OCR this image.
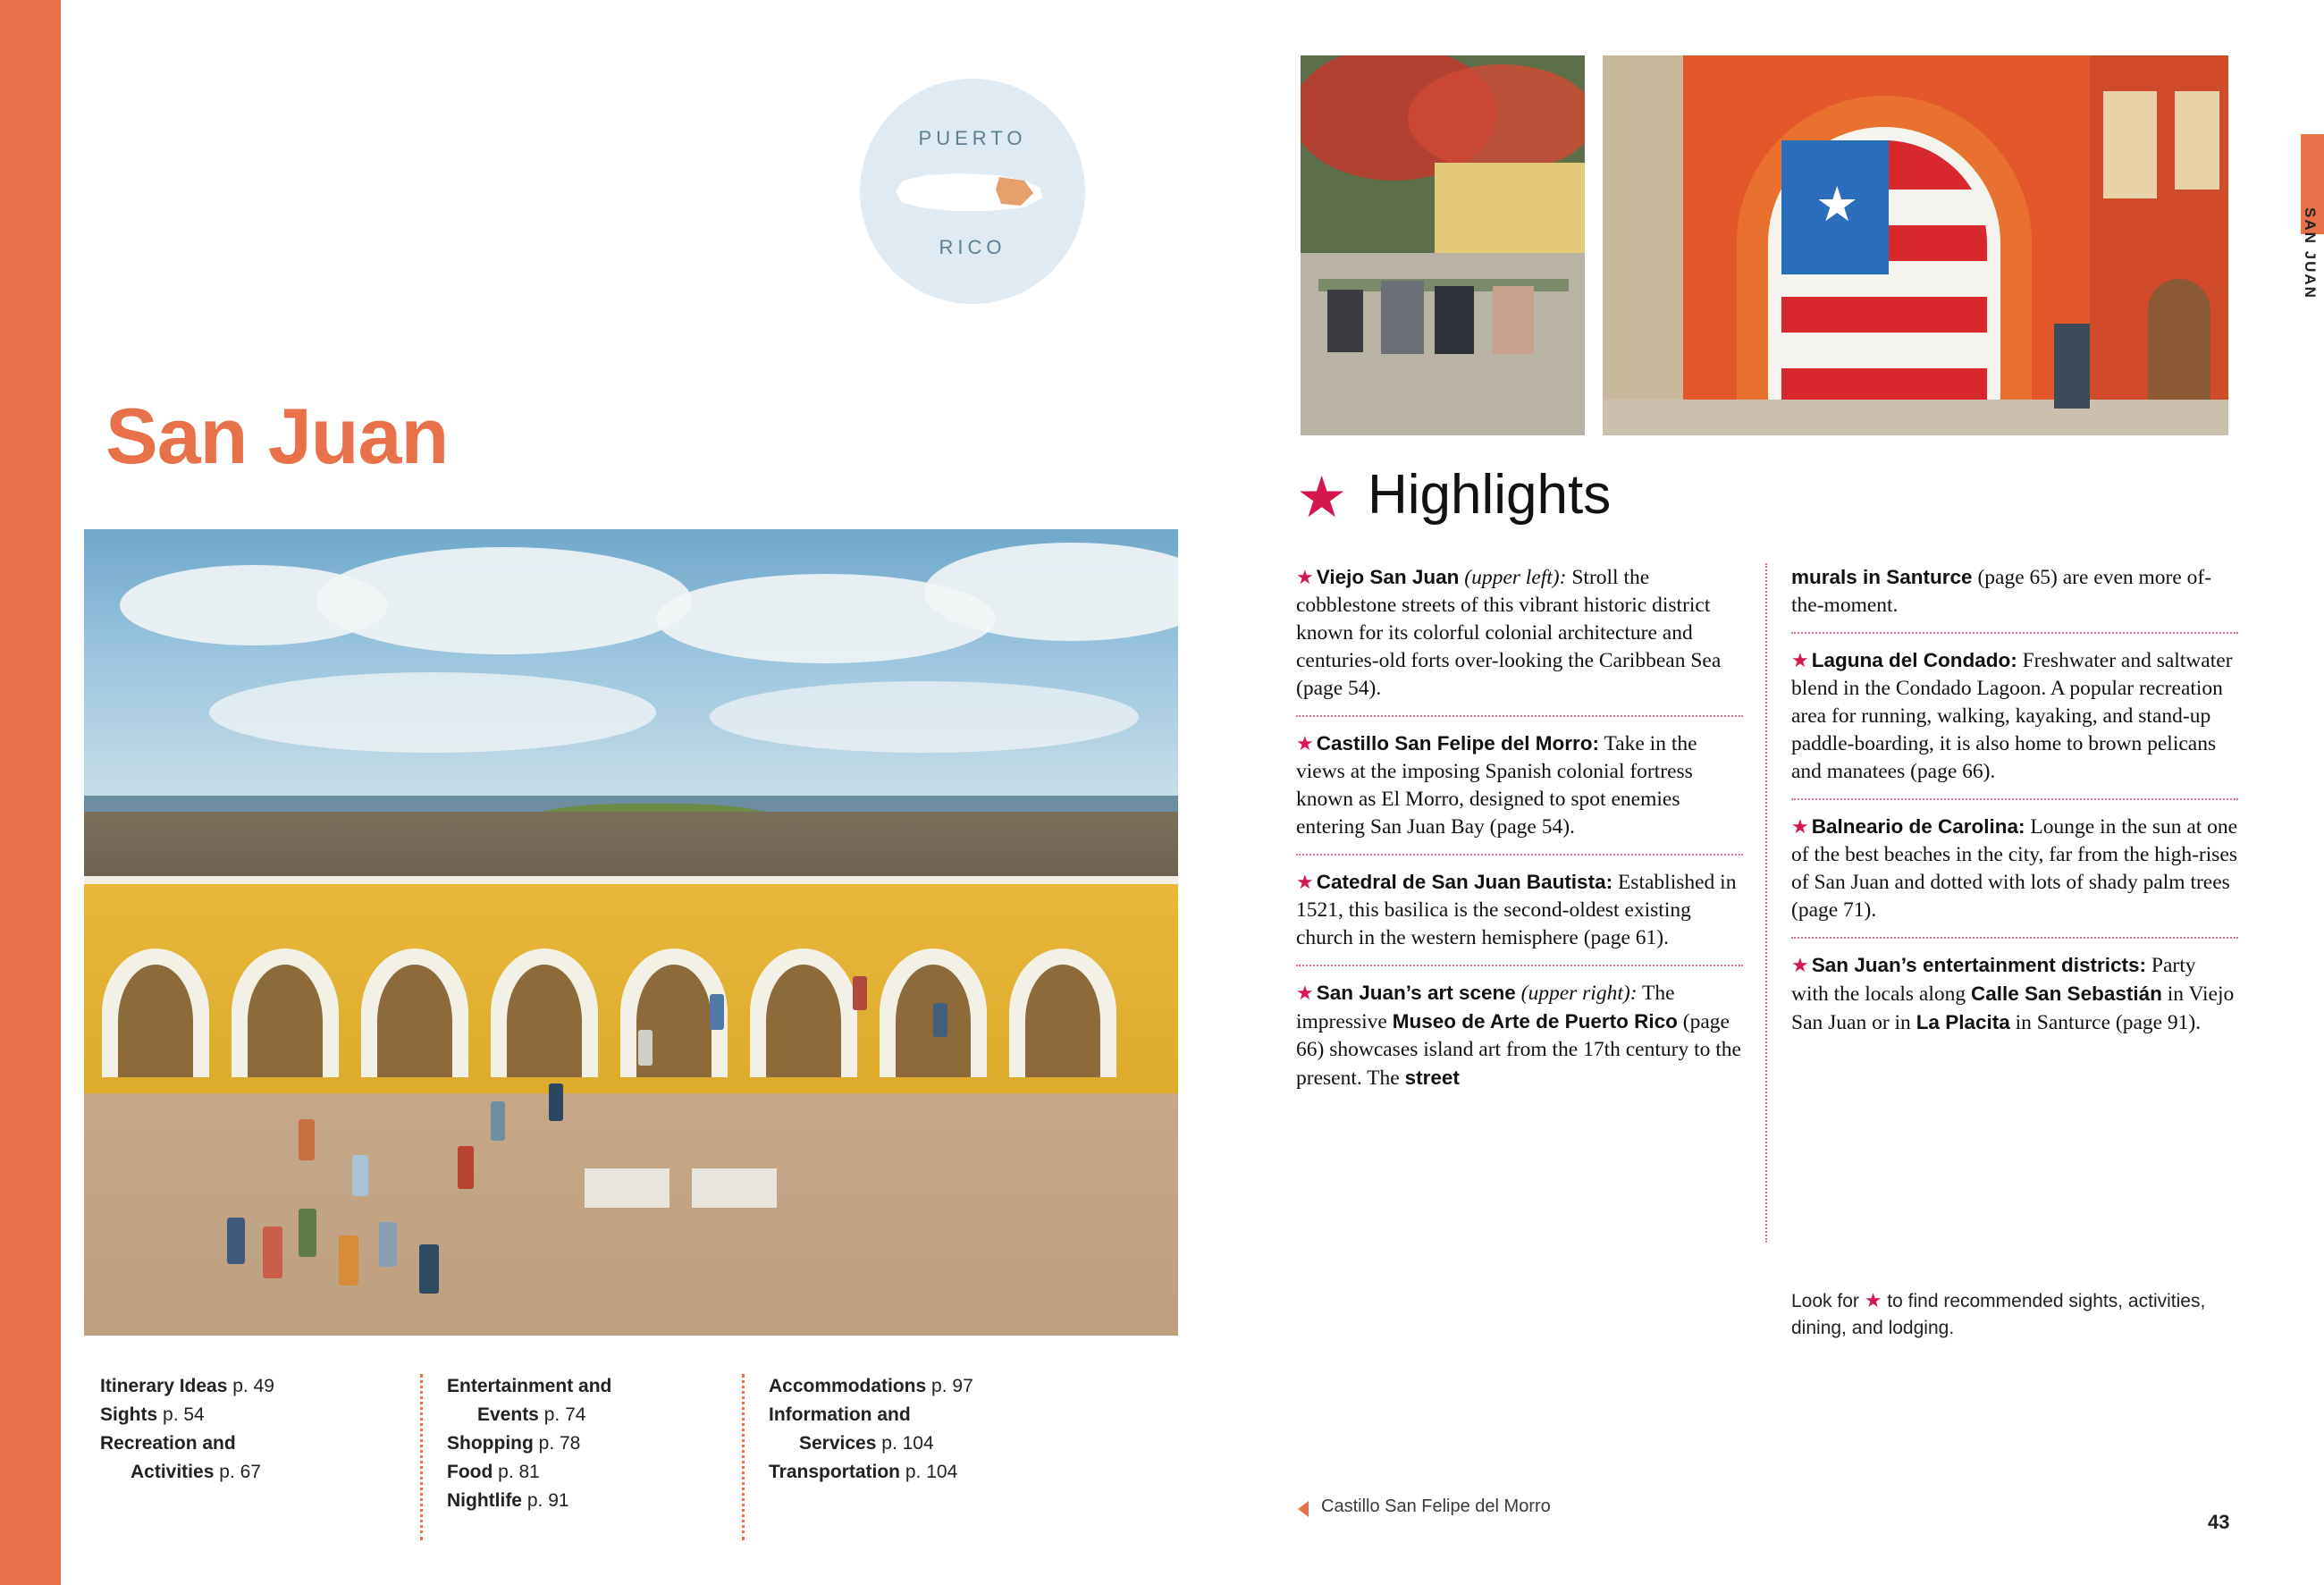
SAN JUAN
PUERTO
RICO
San Juan
Castillo San Felipe del Morro
Itinerary Ideas p. 49
Sights p. 54
Recreation and
Activities p. 67
Entertainment and
Events p. 74
Shopping p. 78
Food p. 81
Nightlife p. 91
Accommodations p. 97
Information and
Services p. 104
Transportation p. 104
★
★ Highlights
★ Viejo San Juan (upper left): Stroll the cobblestone streets of this vibrant historic district known for its colorful colonial architecture and centuries-old forts over-looking the Caribbean Sea (page 54).
★ Castillo San Felipe del Morro: Take in the views at the imposing Spanish colonial fortress known as El Morro, designed to spot enemies entering San Juan Bay (page 54).
★ Catedral de San Juan Bautista: Established in 1521, this basilica is the second-oldest existing church in the western hemisphere (page 61).
★ San Juan’s art scene (upper right): The impressive Museo de Arte de Puerto Rico (page 66) showcases island art from the 17th century to the present. The street
murals in Santurce (page 65) are even more of-the-moment.
★ Laguna del Condado: Freshwater and saltwater blend in the Condado Lagoon. A popular recreation area for running, walking, kayaking, and stand-up paddle-boarding, it is also home to brown pelicans and manatees (page 66).
★ Balneario de Carolina: Lounge in the sun at one of the best beaches in the city, far from the high-rises of San Juan and dotted with lots of shady palm trees (page 71).
★ San Juan’s entertainment districts: Party with the locals along Calle San Sebastián in Viejo San Juan or in La Placita in Santurce (page 91).
Look for ★ to find recommended sights, activities, dining, and lodging.
43
